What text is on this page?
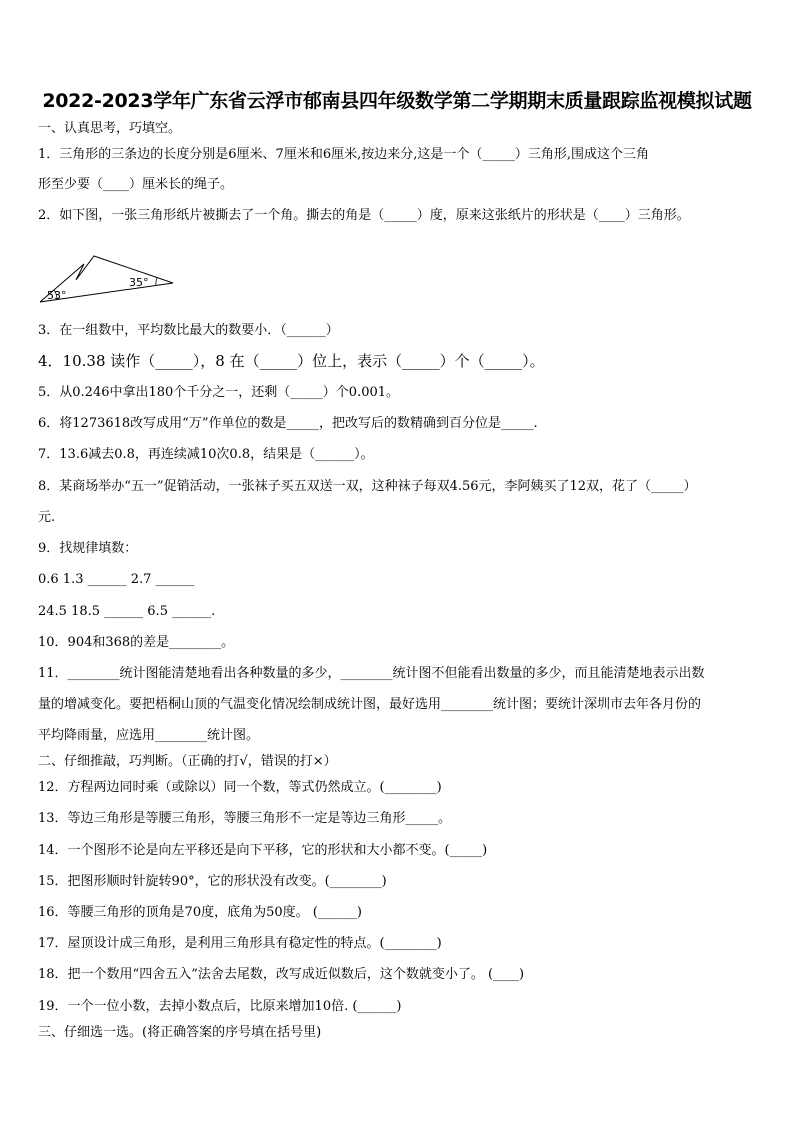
2022-2023学年广东省云浮市郁南县四年级数学第二学期期末质量跟踪监视模拟试题
一、认真思考，巧填空。
1．三角形的三条边的长度分别是6厘米、7厘米和6厘米,按边来分,这是一个（_____）三角形,围成这个三角
形至少要（____）厘米长的绳子。
2．如下图，一张三角形纸片被撕去了一个角。撕去的角是（_____）度，原来这张纸片的形状是（____）三角形。
53°
35°
3．在一组数中，平均数比最大的数要小．（______）
4．10.38 读作（_____），8 在（_____）位上，表示（_____）个（_____）。
5．从0.246中拿出180个千分之一，还剩（_____）个0.001。
6．将1273618改写成用“万”作单位的数是_____，把改写后的数精确到百分位是_____.
7．13.6减去0.8，再连续减10次0.8，结果是（______）。
8．某商场举办“五一”促销活动，一张袜子买五双送一双，这种袜子每双4.56元，李阿姨买了12双，花了（_____）
元.
9．找规律填数：
0.6 1.3 ______ 2.7 ______
24.5 18.5 ______ 6.5 ______.
10．904和368的差是________。
11．________统计图能清楚地看出各种数量的多少，________统计图不但能看出数量的多少，而且能清楚地表示出数
量的增减变化。要把梧桐山顶的气温变化情况绘制成统计图，最好选用________统计图；要统计深圳市去年各月份的
平均降雨量，应选用________统计图。
二、仔细推敲，巧判断。（正确的打√，错误的打×）
12．方程两边同时乘（或除以）同一个数，等式仍然成立。(________)
13．等边三角形是等腰三角形，等腰三角形不一定是等边三角形_____。
14．一个图形不论是向左平移还是向下平移，它的形状和大小都不变。(_____)
15．把图形顺时针旋转90°，它的形状没有改变。(________)
16．等腰三角形的顶角是70度，底角为50度。 (______)
17．屋顶设计成三角形，是利用三角形具有稳定性的特点。(________)
18．把一个数用“四舍五入”法舍去尾数，改写成近似数后，这个数就变小了。 (____)
19．一个一位小数，去掉小数点后，比原来增加10倍. (______)
三、仔细选一选。(将正确答案的序号填在括号里)
